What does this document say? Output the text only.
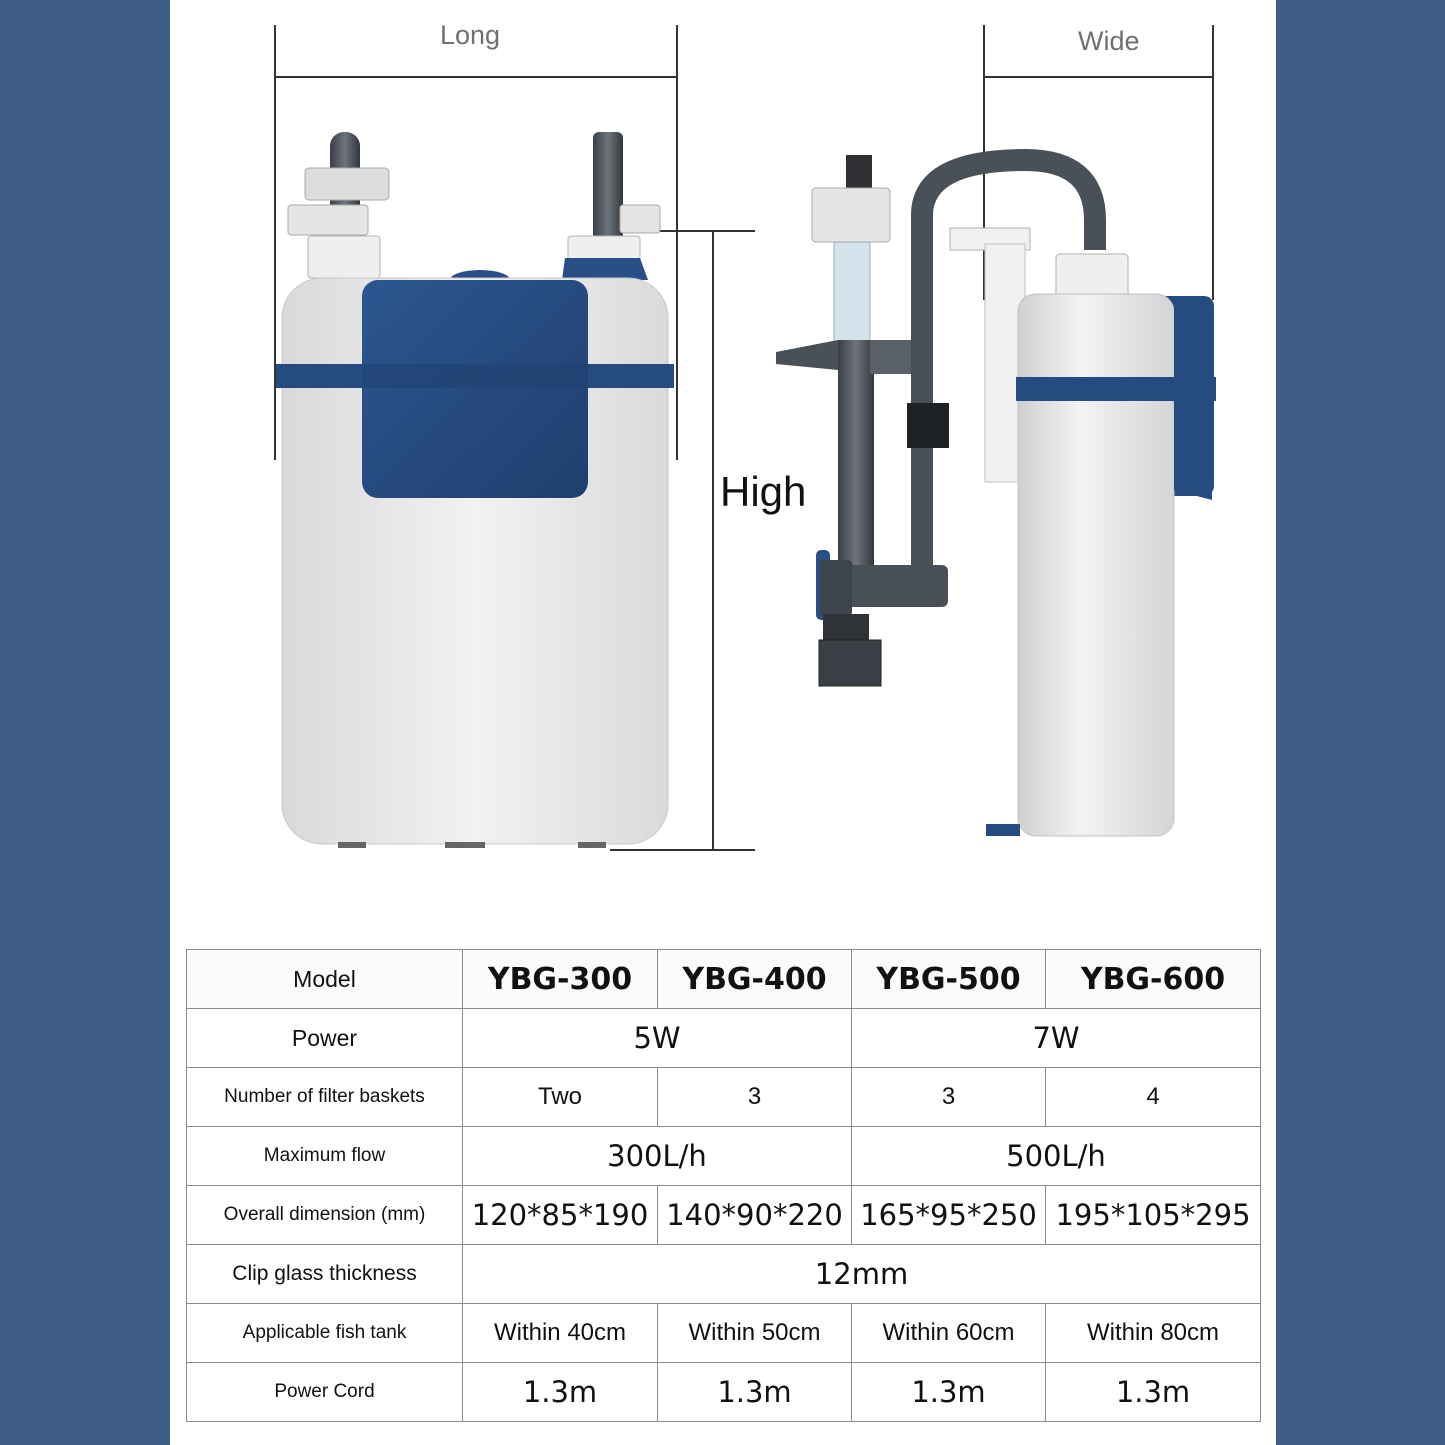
Long	Wide
High
Model	YBG-300	YBG-400	YBG-500	YBG-600
Power	5W		7W	
Number of filter baskets	Two	3	3	4
Maximum flow	300L/h		500L/h	
Overall dimension (mm)	120*85*190	140*90*220	165*95*250	195*105*295
Clip glass thickness	12mm			
Applicable fish tank	Within 40cm	Within 50cm	Within 60cm	Within 80cm
Power Cord	1.3m	1.3m	1.3m	1.3m
